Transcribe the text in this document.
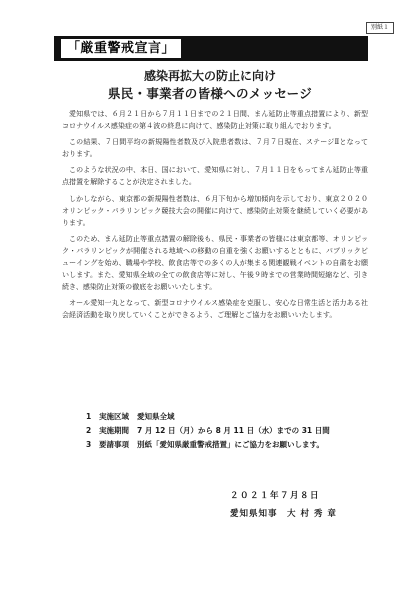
別紙１
「厳重警戒宣言」
感染再拡大の防止に向け
県民・事業者の皆様へのメッセージ

愛知県では、６月２１日から７月１１日までの２１日間、まん延防止等重点措置により、新型コロナウイルス感染症の第４波の終息に向けて、感染防止対策に取り組んでおります。

この結果、７日間平均の新規陽性者数及び入院患者数は、７月７日現在、ステージⅡとなっております。

このような状況の中、本日、国において、愛知県に対し、７月１１日をもってまん延防止等重点措置を解除することが決定されました。

しかしながら、東京都の新規陽性者数は、６月下旬から増加傾向を示しており、東京２０２０オリンピック・パラリンピック競技大会の開催に向けて、感染防止対策を継続していく必要があります。

このため、まん延防止等重点措置の解除後も、県民・事業者の皆様には東京都等、オリンピック・パラリンピックが開催される地域への移動の自重を強くお願いするとともに、パブリックビューイングを始め、職場や学校、飲食店等での多くの人が集まる関連観戦イベントの自粛をお願いします。また、愛知県全域の全ての飲食店等に対し、午後９時までの営業時間短縮など、引き続き、感染防止対策の徹底をお願いいたします。

オール愛知一丸となって、新型コロナウイルス感染症を克服し、安心な日常生活と活力ある社会経済活動を取り戻していくことができるよう、ご理解とご協力をお願いいたします。

1	実施区域 愛知県全域
2	実施期間 7 月 12 日（月）から 8 月 11 日（水）までの 31 日間
3	要請事項 別紙「愛知県厳重警戒措置」にご協力をお願いします。
２０２１年７月８日
愛知県知事　大 村 秀 章
